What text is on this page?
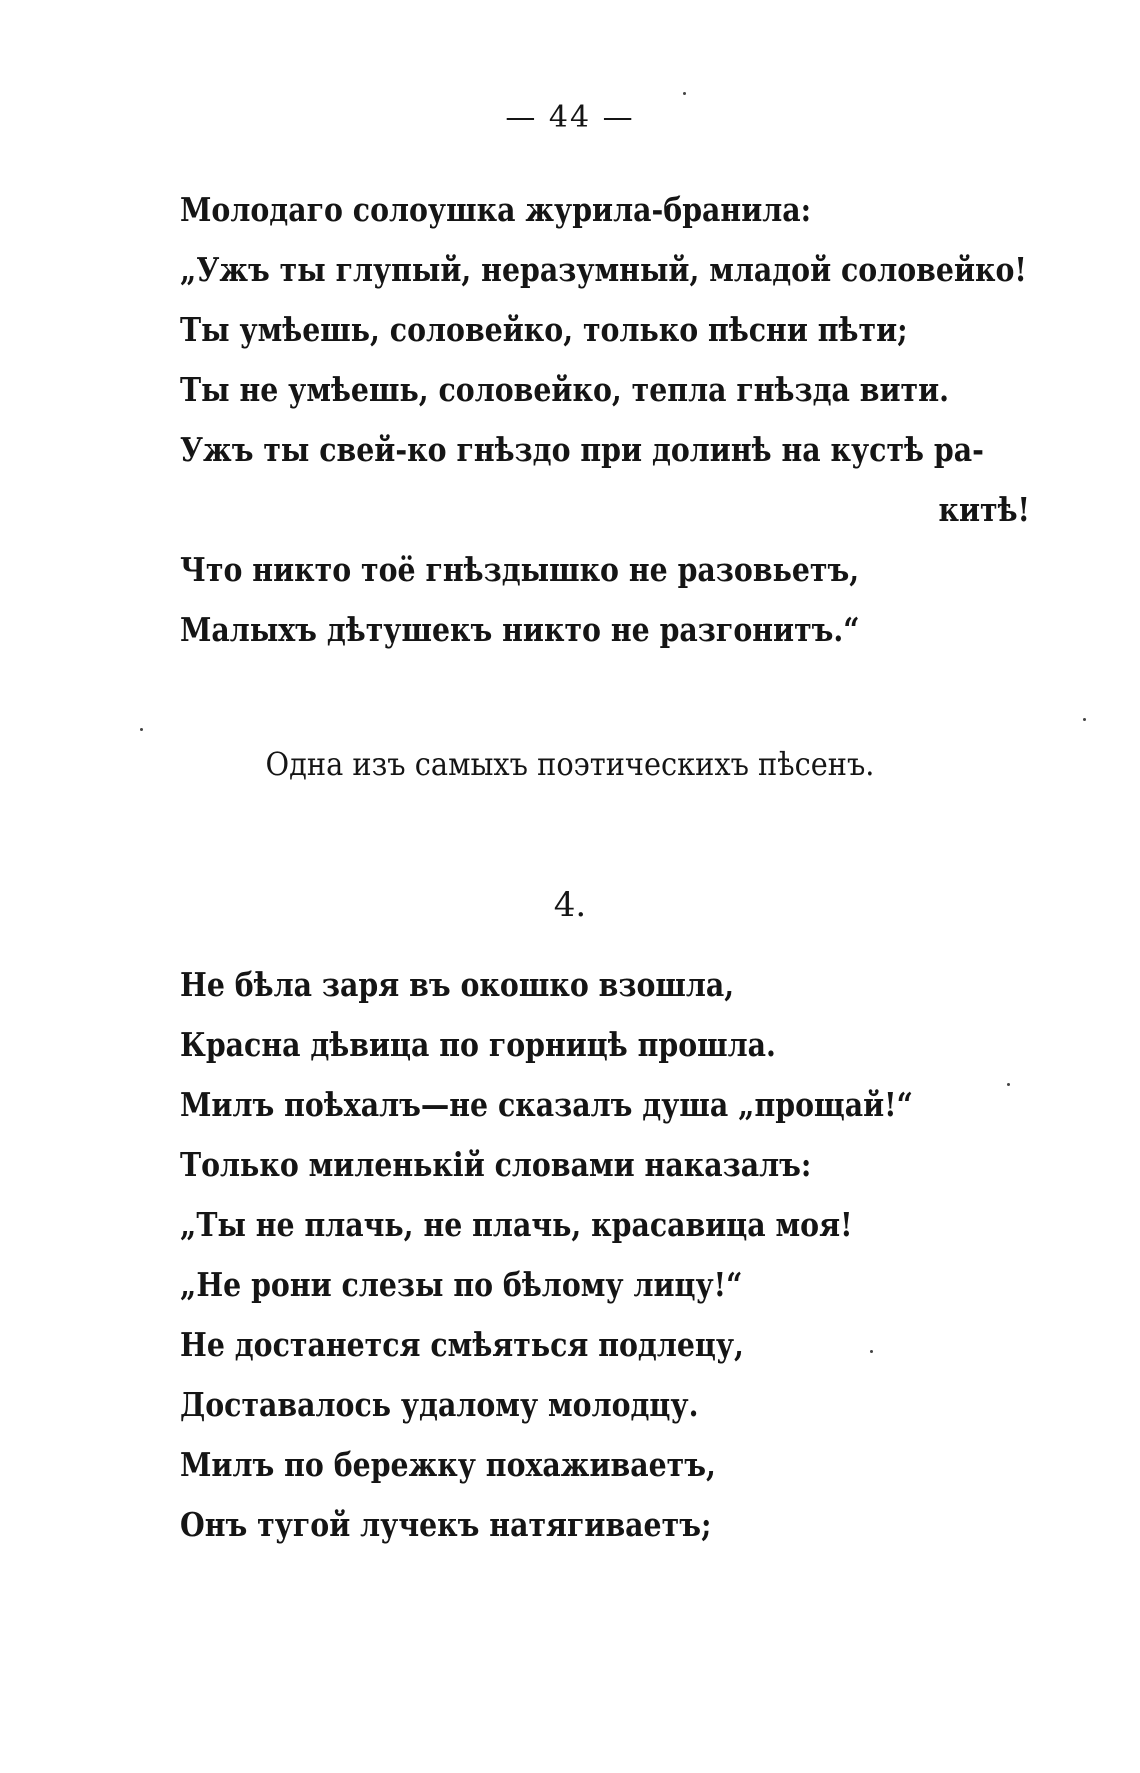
— 44 —
Молодаго солоушка журила-бранила:
„Ужъ ты глупый, неразумный, младой соловейко!
Ты умѣешь, соловейко, только пѣсни пѣти;
Ты не умѣешь, соловейко, тепла гнѣзда вити.
Ужъ ты свей-ко гнѣздо при долинѣ на кустѣ ра-
китѣ!
Что никто тоё гнѣздышко не разовьетъ,
Малыхъ дѣтушекъ никто не разгонитъ.“
Одна изъ самыхъ поэтическихъ пѣсенъ.
4.
Не бѣла заря въ окошко взошла,
Красна дѣвица по горницѣ прошла.
Милъ поѣхалъ—не сказалъ душа „прощай!“
Только миленькій словами наказалъ:
„Ты не плачь, не плачь, красавица моя!
„Не рони слезы по бѣлому лицу!“
Не достанется смѣяться подлецу,
Доставалось удалому молодцу.
Милъ по бережку похаживаетъ,
Онъ тугой лучекъ натягиваетъ;
